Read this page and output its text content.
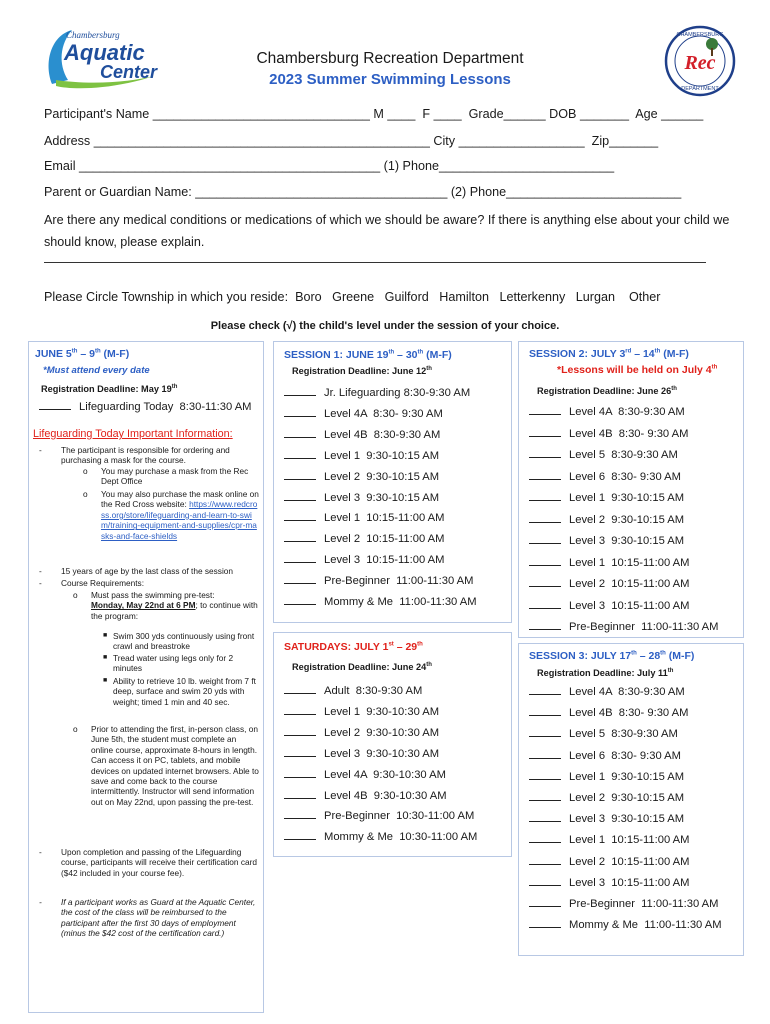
Chambersburg
Aquatic
Center
Chambersburg Recreation Department
2023 Summer Swimming Lessons
CHAMBERSBURG
Rec
DEPARTMENT
Participant's Name _______________________________ M ____  F ____  Grade______ DOB _______  Age ______
Address ________________________________________________ City __________________  Zip_______
Email ___________________________________________ (1) Phone_________________________
Parent or Guardian Name: ____________________________________ (2) Phone_________________________
Are there any medical conditions or medications of which we should be aware? If there is anything else about your child we should know, please explain.
Please Circle Township in which you reside:  Boro   Greene   Guilford   Hamilton   Letterkenny   Lurgan    Other
Please check (√) the child's level under the session of your choice.
JUNE 5th – 9th (M-F)
*Must attend every date
Registration Deadline: May 19th
Lifeguarding Today  8:30-11:30 AM
Lifeguarding Today Important Information:
-	The participant is responsible for ordering and purchasing a mask for the course.
o	You may purchase a mask from the Rec Dept Office
o	You may also purchase the mask online on the Red Cross website: https://www.redcross.org/store/lifeguarding-and-learn-to-swim/training-equipment-and-supplies/cpr-masks-and-face-shields
-	15 years of age by the last class of the session
-	Course Requirements:
o	Must pass the swimming pre-test:
Monday, May 22nd at 6 PM; to continue with the program:
■ Swim 300 yds continuously using front crawl and breastroke
■ Tread water using legs only for 2 minutes
■ Ability to retrieve 10 lb. weight from 7 ft deep, surface and swim 20 yds with weight; timed 1 min and 40 sec.
o	Prior to attending the first, in-person class, on June 5th, the student must complete an online course, approximate 8-hours in length. Can access it on PC, tablets, and mobile devices on updated internet browsers. Able to save and come back to the course intermittently. Instructor will send information out on May 22nd, upon passing the pre-test.
-	Upon completion and passing of the Lifeguarding course, participants will receive their certification card ($42 included in your course fee).
-	If a participant works as Guard at the Aquatic Center, the cost of the class will be reimbursed to the participant after the first 30 days of employment (minus the $42 cost of the certification card.)
SESSION 1: JUNE 19th – 30th (M-F)
Registration Deadline: June 12th
Jr. Lifeguarding 8:30-9:30 AM
Level 4A  8:30- 9:30 AM
Level 4B  8:30-9:30 AM
Level 1  9:30-10:15 AM
Level 2  9:30-10:15 AM
Level 3  9:30-10:15 AM
Level 1  10:15-11:00 AM
Level 2  10:15-11:00 AM
Level 3  10:15-11:00 AM
Pre-Beginner  11:00-11:30 AM
Mommy & Me  11:00-11:30 AM
SATURDAYS: JULY 1st – 29th
Registration Deadline: June 24th
Adult  8:30-9:30 AM
Level 1  9:30-10:30 AM
Level 2  9:30-10:30 AM
Level 3  9:30-10:30 AM
Level 4A  9:30-10:30 AM
Level 4B  9:30-10:30 AM
Pre-Beginner  10:30-11:00 AM
Mommy & Me  10:30-11:00 AM
SESSION 2: JULY 3rd – 14th (M-F)
*Lessons will be held on July 4th
Registration Deadline: June 26th
Level 4A  8:30-9:30 AM
Level 4B  8:30- 9:30 AM
Level 5  8:30-9:30 AM
Level 6  8:30- 9:30 AM
Level 1  9:30-10:15 AM
Level 2  9:30-10:15 AM
Level 3  9:30-10:15 AM
Level 1  10:15-11:00 AM
Level 2  10:15-11:00 AM
Level 3  10:15-11:00 AM
Pre-Beginner  11:00-11:30 AM
SESSION 3: JULY 17th – 28th (M-F)
Registration Deadline: July 11th
Level 4A  8:30-9:30 AM
Level 4B  8:30- 9:30 AM
Level 5  8:30-9:30 AM
Level 6  8:30- 9:30 AM
Level 1  9:30-10:15 AM
Level 2  9:30-10:15 AM
Level 3  9:30-10:15 AM
Level 1  10:15-11:00 AM
Level 2  10:15-11:00 AM
Level 3  10:15-11:00 AM
Pre-Beginner  11:00-11:30 AM
Mommy & Me  11:00-11:30 AM
